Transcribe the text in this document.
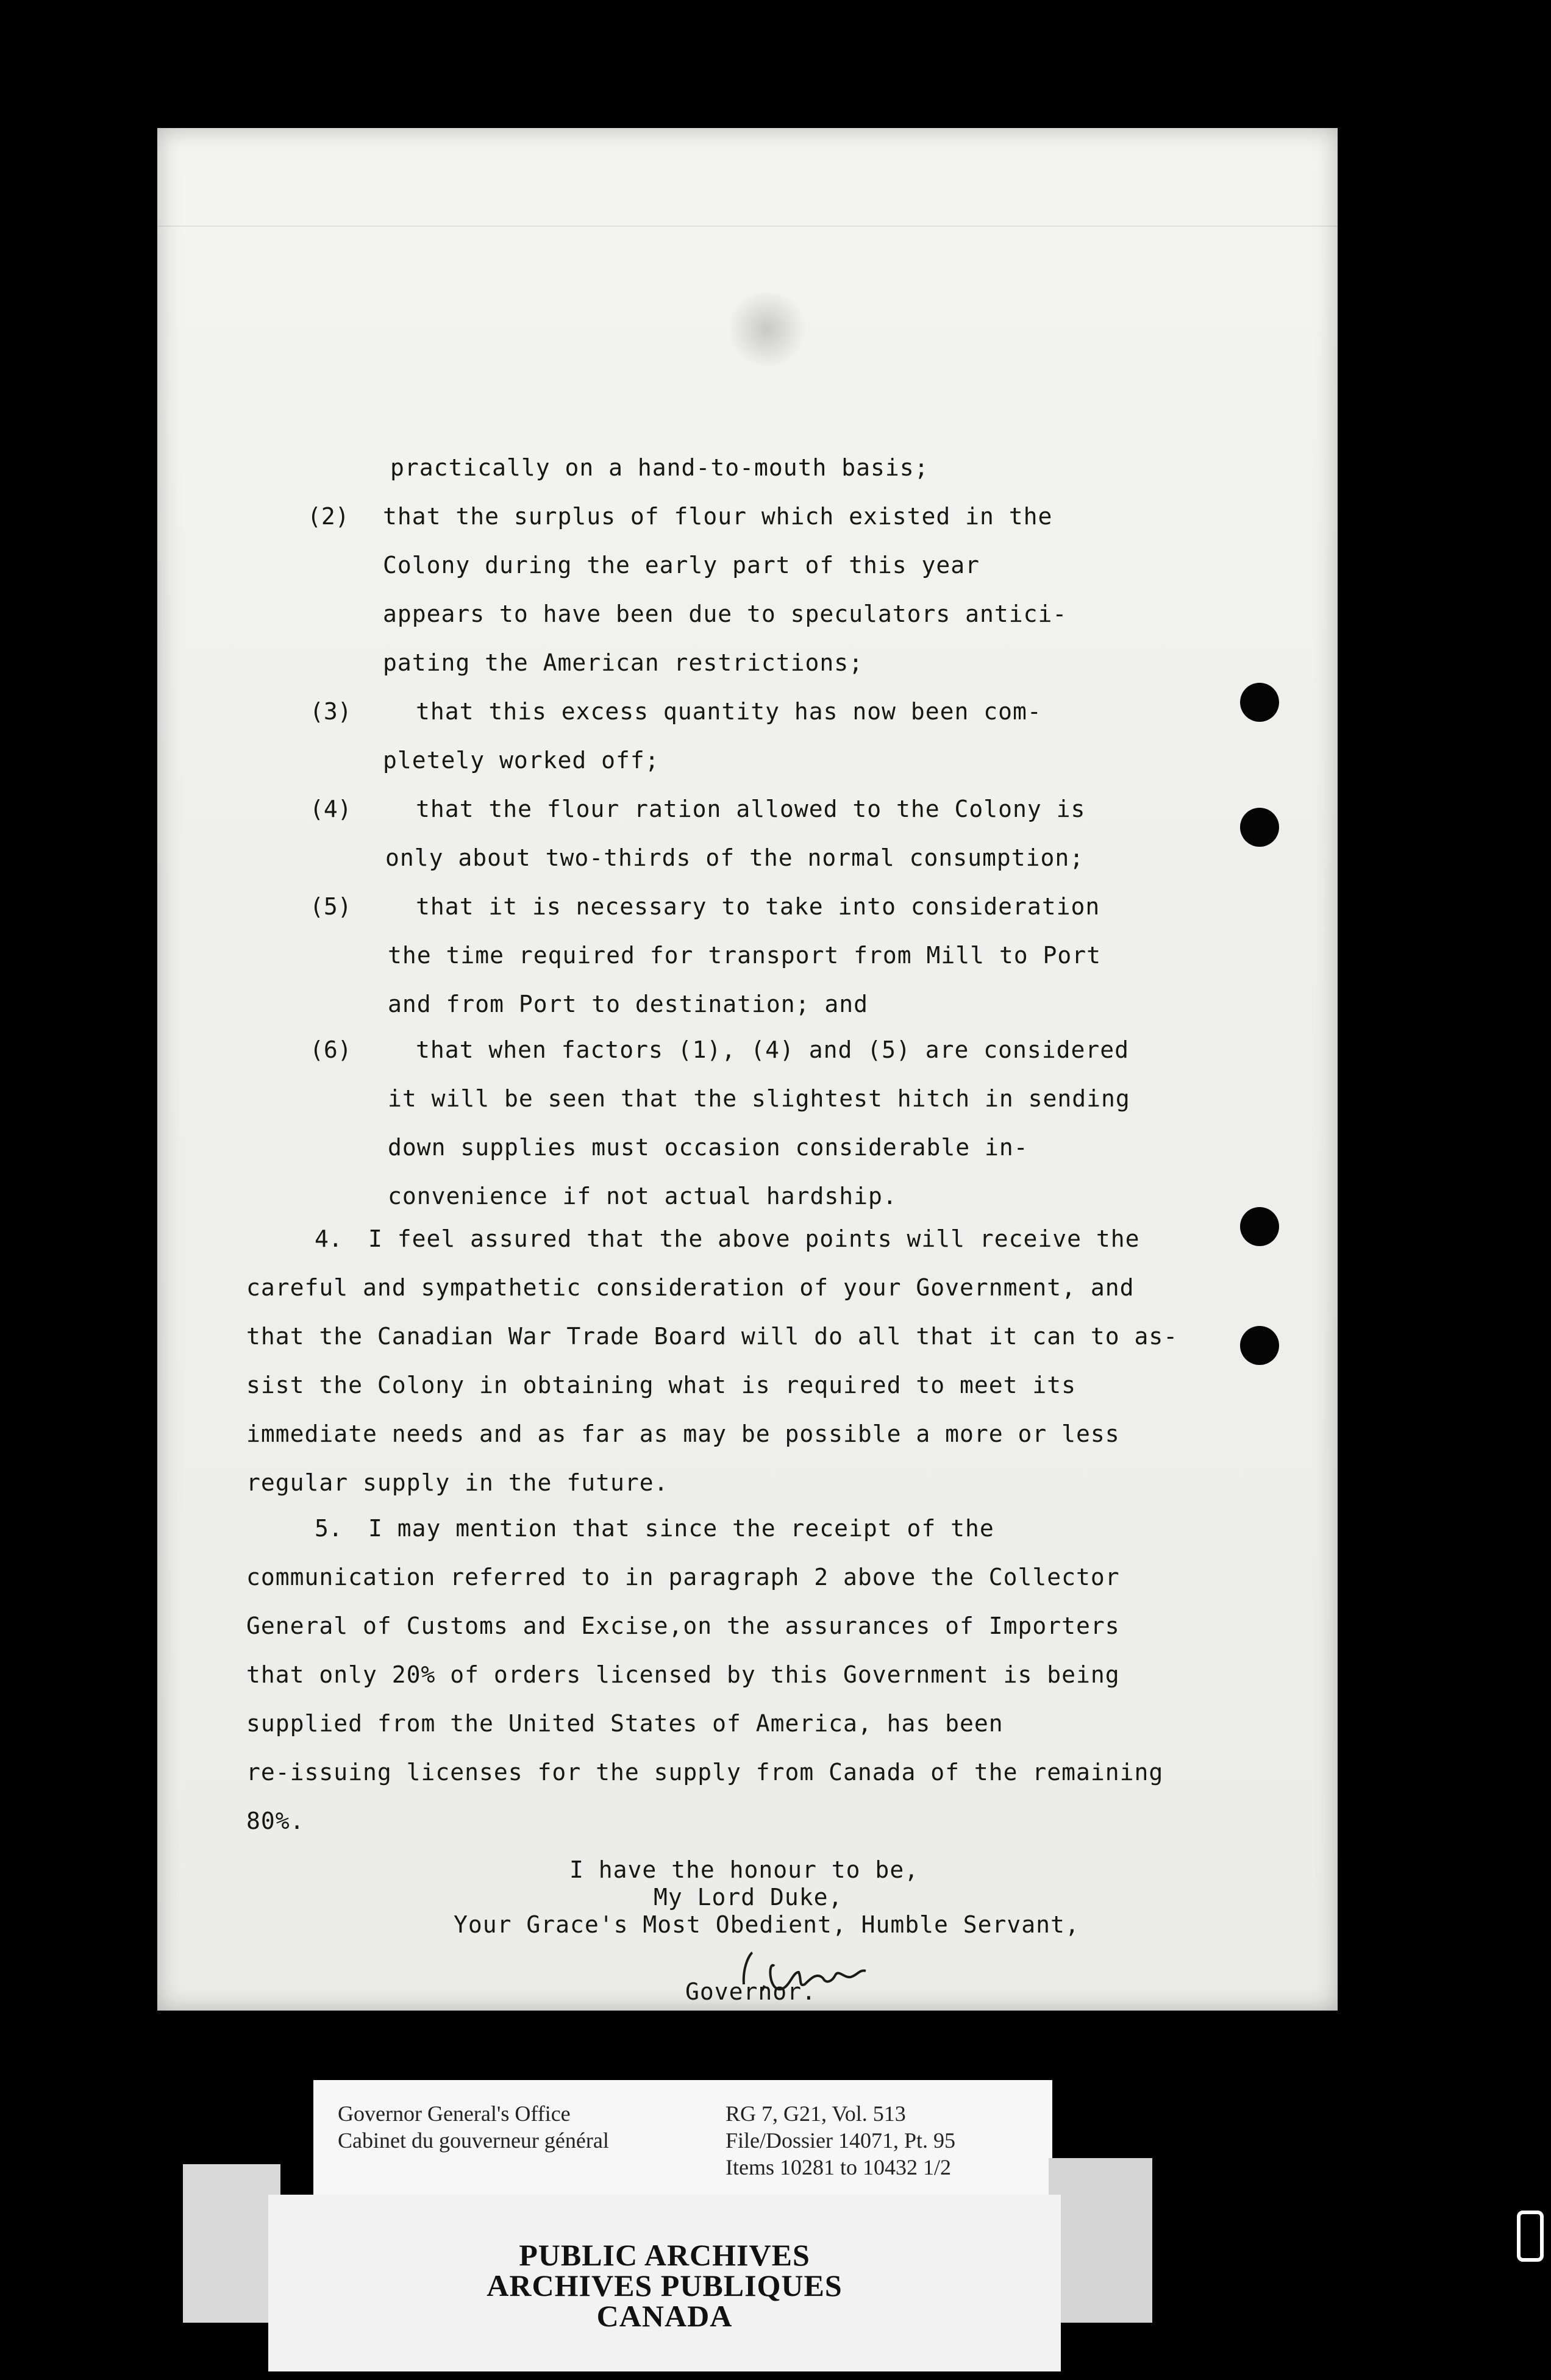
(2)
(3)
(4)
(5)
(6)
4.
5.
practically on a hand-to-mouth basis;
that the surplus of flour which existed in the
Colony during the early part of this year
appears to have been due to speculators antici-
pating the American restrictions;
that this excess quantity has now been com-
pletely worked off;
that the flour ration allowed to the Colony is
only about two-thirds of the normal consumption;
that it is necessary to take into consideration
the time required for transport from Mill to Port
and from Port to destination; and
that when factors (1), (4) and (5) are considered
it will be seen that the slightest hitch in sending
down supplies must occasion considerable in-
convenience if not actual hardship.
I feel assured that the above points will receive the
careful and sympathetic consideration of your Government, and
that the Canadian War Trade Board will do all that it can to as-
sist the Colony in obtaining what is required to meet its
immediate needs and as far as may be possible a more or less
regular supply in the future.
I may mention that since the receipt of the
communication referred to in paragraph 2 above the Collector
General of Customs and Excise,on the assurances of Importers
that only 20% of orders licensed by this Government is being
supplied from the United States of America, has been
re-issuing licenses for the supply from Canada of the remaining
80%.
I have the honour to be,
My Lord Duke,
Your Grace's Most Obedient, Humble Servant,
Governor.
Governor General's Office
Cabinet du gouverneur général
RG 7, G21, Vol. 513
File/Dossier 14071, Pt. 95
Items 10281 to 10432 1/2
PUBLIC ARCHIVES
ARCHIVES PUBLIQUES
CANADA
